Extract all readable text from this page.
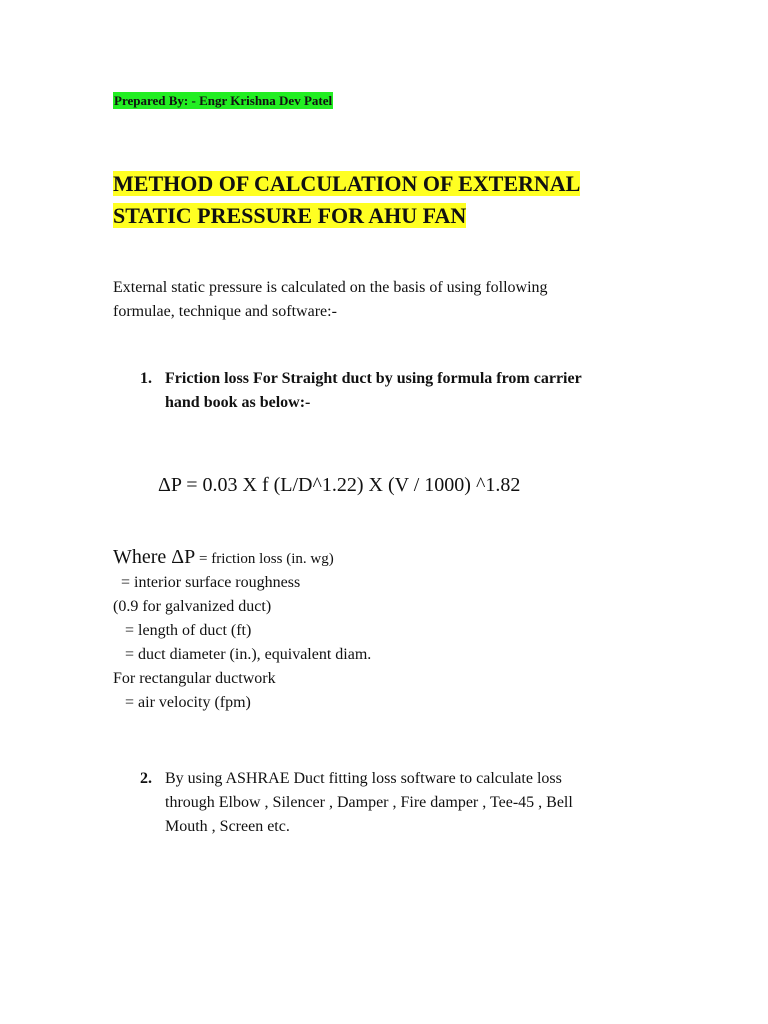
Prepared By: - Engr Krishna Dev Patel
METHOD OF CALCULATION OF EXTERNAL
STATIC PRESSURE FOR AHU FAN
External static pressure is calculated on the basis of using following
formulae, technique and software:-
1. Friction loss For Straight duct by using formula from carrier
hand book as below:-
ΔP = 0.03 X f (L/D^1.22) X (V / 1000) ^1.82
Where ΔP = friction loss (in. wg)
= interior surface roughness
(0.9 for galvanized duct)
= length of duct (ft)
= duct diameter (in.), equivalent diam.
For rectangular ductwork
= air velocity (fpm)
2. By using ASHRAE Duct fitting loss software to calculate loss
through Elbow , Silencer , Damper , Fire damper , Tee-45 , Bell
Mouth , Screen etc.
